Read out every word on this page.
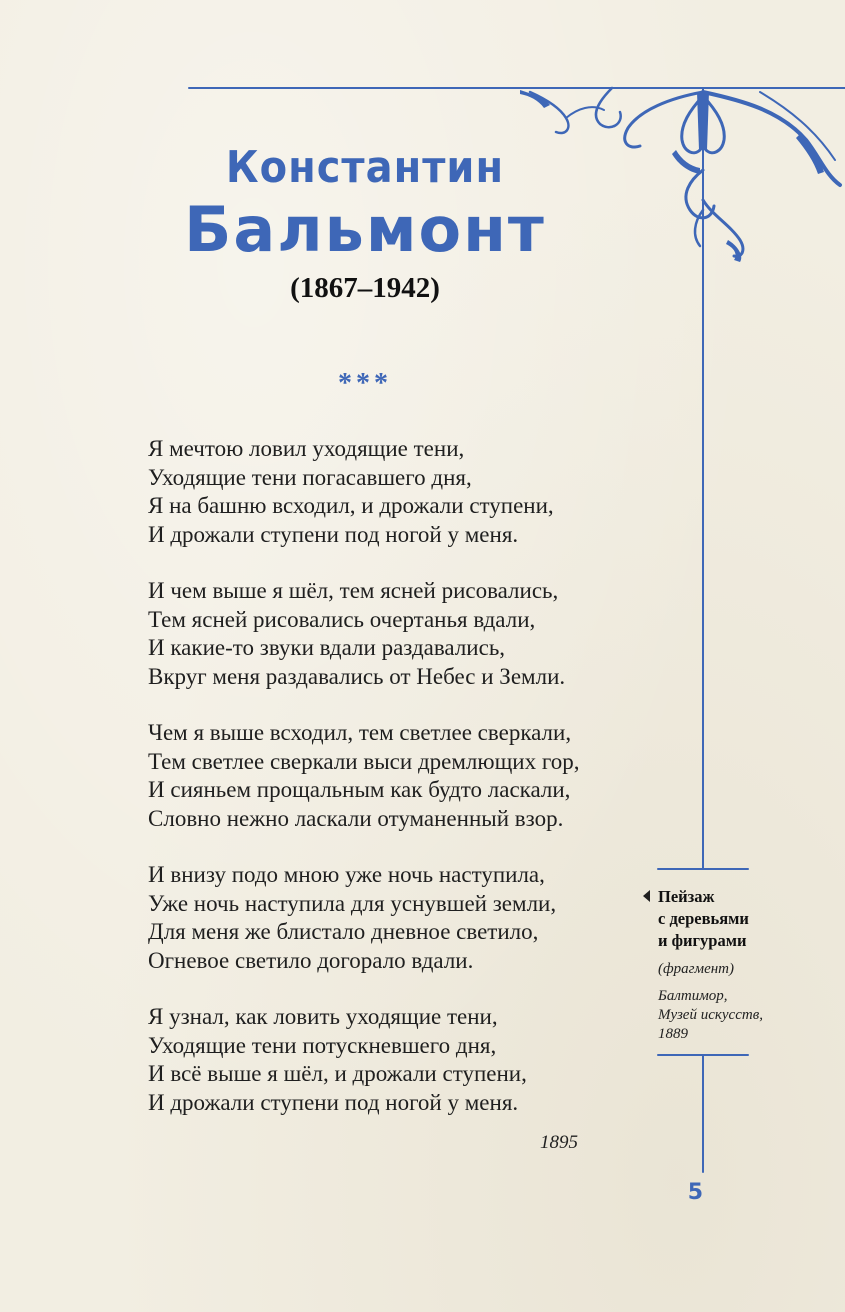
Константин
Бальмонт
(1867–1942)
***
Я мечтою ловил уходящие тени,
Уходящие тени погасавшего дня,
Я на башню всходил, и дрожали ступени,
И дрожали ступени под ногой у меня.
И чем выше я шёл, тем ясней рисовались,
Тем ясней рисовались очертанья вдали,
И какие-то звуки вдали раздавались,
Вкруг меня раздавались от Небес и Земли.
Чем я выше всходил, тем светлее сверкали,
Тем светлее сверкали выси дремлющих гор,
И сияньем прощальным как будто ласкали,
Словно нежно ласкали отуманенный взор.
И внизу подо мною уже ночь наступила,
Уже ночь наступила для уснувшей земли,
Для меня же блистало дневное светило,
Огневое светило догорало вдали.
Я узнал, как ловить уходящие тени,
Уходящие тени потускневшего дня,
И всё выше я шёл, и дрожали ступени,
И дрожали ступени под ногой у меня.
1895
Пейзаж
с деревьями
и фигурами
(фрагмент)
Балтимор,
Музей искусств,
1889
5
